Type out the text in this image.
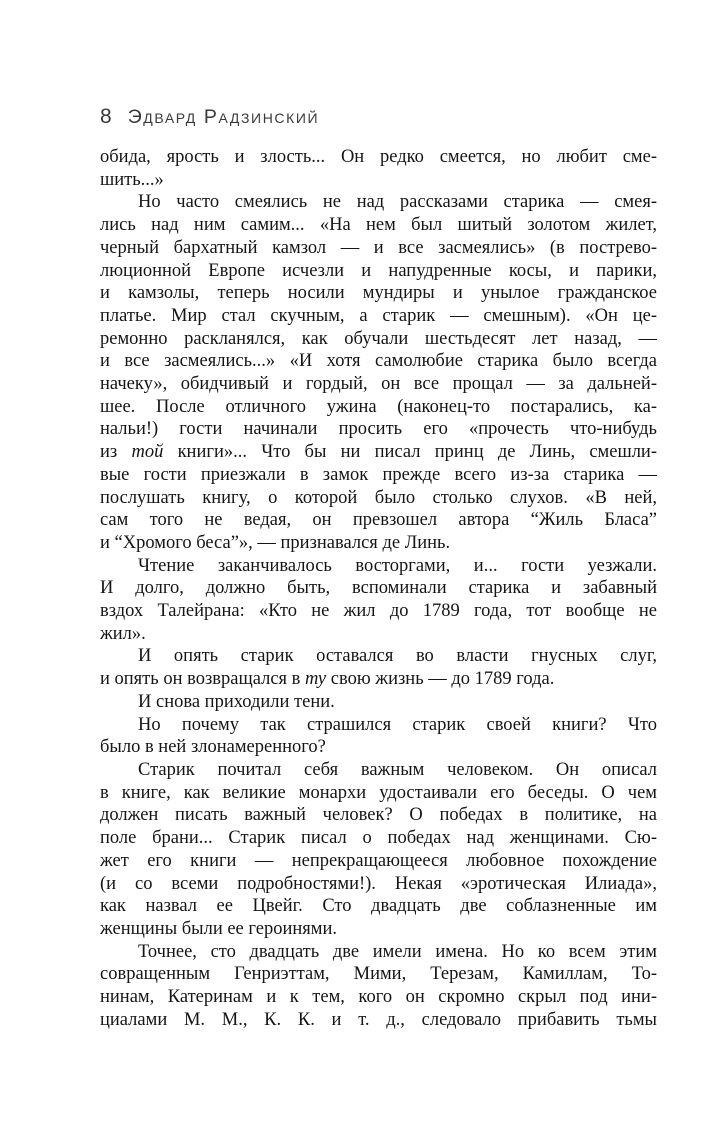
8 Эдвард Радзинский
обида, ярость и злость... Он редко смеется, но любит сме-
шить...»
Но часто смеялись не над рассказами старика — смея-
лись над ним самим... «На нем был шитый золотом жилет,
черный бархатный камзол — и все засмеялись» (в пострево-
люционной Европе исчезли и напудренные косы, и парики,
и камзолы, теперь носили мундиры и унылое гражданское
платье. Мир стал скучным, а старик — смешным). «Он це-
ремонно раскланялся, как обучали шестьдесят лет назад, —
и все засмеялись...» «И хотя самолюбие старика было всегда
начеку», обидчивый и гордый, он все прощал — за дальней-
шее. После отличного ужина (наконец-то постарались, ка-
нальи!) гости начинали просить его «прочесть что-нибудь
из той книги»... Что бы ни писал принц де Линь, смешли-
вые гости приезжали в замок прежде всего из-за старика —
послушать книгу, о которой было столько слухов. «В ней,
сам того не ведая, он превзошел автора “Жиль Бласа”
и “Хромого беса”», — признавался де Линь.
Чтение заканчивалось восторгами, и... гости уезжали.
И долго, должно быть, вспоминали старика и забавный
вздох Талейрана: «Кто не жил до 1789 года, тот вообще не
жил».
И опять старик оставался во власти гнусных слуг,
и опять он возвращался в ту свою жизнь — до 1789 года.
И снова приходили тени.
Но почему так страшился старик своей книги? Что
было в ней злонамеренного?
Старик почитал себя важным человеком. Он описал
в книге, как великие монархи удостаивали его беседы. О чем
должен писать важный человек? О победах в политике, на
поле брани... Старик писал о победах над женщинами. Сю-
жет его книги — непрекращающееся любовное похождение
(и со всеми подробностями!). Некая «эротическая Илиада»,
как назвал ее Цвейг. Сто двадцать две соблазненные им
женщины были ее героинями.
Точнее, сто двадцать две имели имена. Но ко всем этим
совращенным Генриэттам, Мими, Терезам, Камиллам, То-
нинам, Катеринам и к тем, кого он скромно скрыл под ини-
циалами М. М., К. К. и т. д., следовало прибавить тьмы
